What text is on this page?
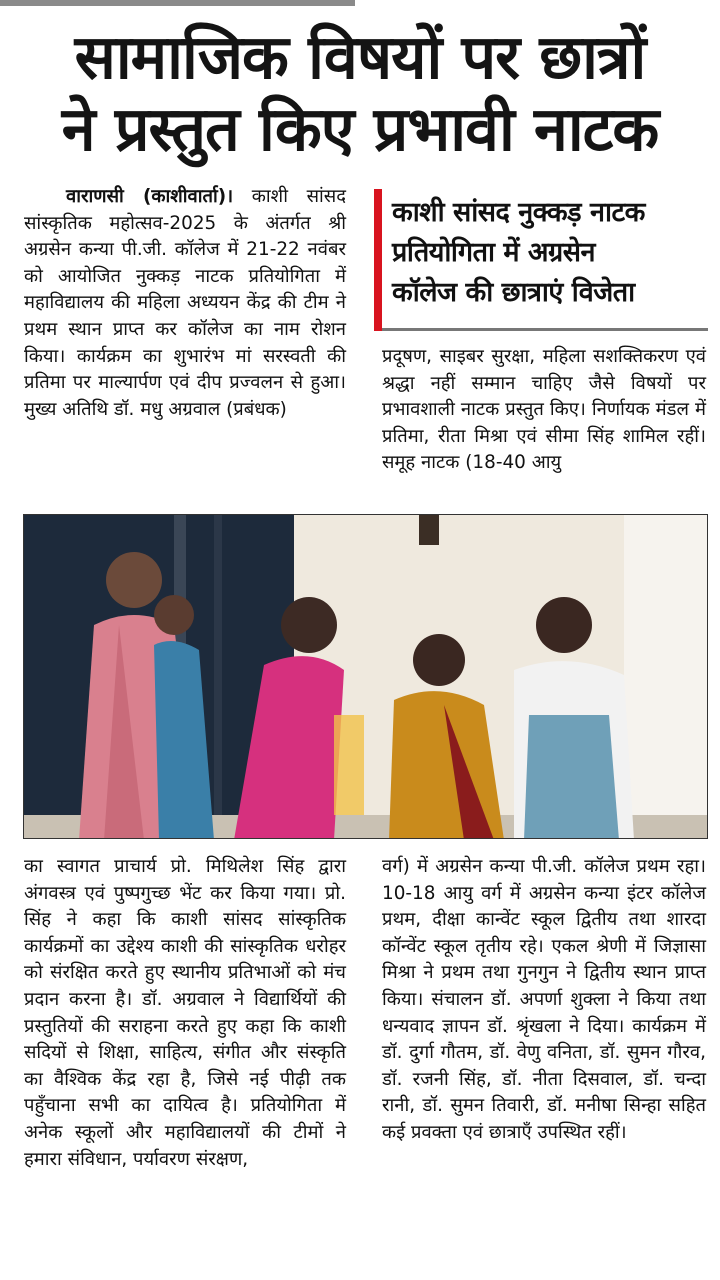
सामाजिक विषयों पर छात्रों
ने प्रस्तुत किए प्रभावी नाटक

वाराणसी (काशीवार्ता)। काशी सांसद सांस्कृतिक महोत्सव-2025 के अंतर्गत श्री अग्रसेन कन्या पी.जी. कॉलेज में 21-22 नवंबर को आयोजित नुक्कड़ नाटक प्रतियोगिता में महाविद्यालय की महिला अध्ययन केंद्र की टीम ने प्रथम स्थान प्राप्त कर कॉलेज का नाम रोशन किया। कार्यक्रम का शुभारंभ मां सरस्वती की प्रतिमा पर माल्यार्पण एवं दीप प्रज्वलन से हुआ। मुख्य अतिथि डॉ. मधु अग्रवाल (प्रबंधक)

काशी सांसद नुक्कड़ नाटक
प्रतियोगिता में अग्रसेन
कॉलेज की छात्राएं विजेता

प्रदूषण, साइबर सुरक्षा, महिला सशक्तिकरण एवं श्रद्धा नहीं सम्मान चाहिए जैसे विषयों पर प्रभावशाली नाटक प्रस्तुत किए। निर्णायक मंडल में प्रतिमा, रीता मिश्रा एवं सीमा सिंह शामिल रहीं। समूह नाटक (18-40 आयु

का स्वागत प्राचार्य प्रो. मिथिलेश सिंह द्वारा अंगवस्त्र एवं पुष्पगुच्छ भेंट कर किया गया। प्रो. सिंह ने कहा कि काशी सांसद सांस्कृतिक कार्यक्रमों का उद्देश्य काशी की सांस्कृतिक धरोहर को संरक्षित करते हुए स्थानीय प्रतिभाओं को मंच प्रदान करना है। डॉ. अग्रवाल ने विद्यार्थियों की प्रस्तुतियों की सराहना करते हुए कहा कि काशी सदियों से शिक्षा, साहित्य, संगीत और संस्कृति का वैश्विक केंद्र रहा है, जिसे नई पीढ़ी तक पहुँचाना सभी का दायित्व है। प्रतियोगिता में अनेक स्कूलों और महाविद्यालयों की टीमों ने हमारा संविधान, पर्यावरण संरक्षण,

वर्ग) में अग्रसेन कन्या पी.जी. कॉलेज प्रथम रहा। 10-18 आयु वर्ग में अग्रसेन कन्या इंटर कॉलेज प्रथम, दीक्षा कान्वेंट स्कूल द्वितीय तथा शारदा कॉन्वेंट स्कूल तृतीय रहे। एकल श्रेणी में जिज्ञासा मिश्रा ने प्रथम तथा गुनगुन ने द्वितीय स्थान प्राप्त किया। संचालन डॉ. अपर्णा शुक्ला ने किया तथा धन्यवाद ज्ञापन डॉ. श्रृंखला ने दिया। कार्यक्रम में डॉ. दुर्गा गौतम, डॉ. वेणु वनिता, डॉ. सुमन गौरव, डॉ. रजनी सिंह, डॉ. नीता दिसवाल, डॉ. चन्दा रानी, डॉ. सुमन तिवारी, डॉ. मनीषा सिन्हा सहित कई प्रवक्ता एवं छात्राएँ उपस्थित रहीं।
